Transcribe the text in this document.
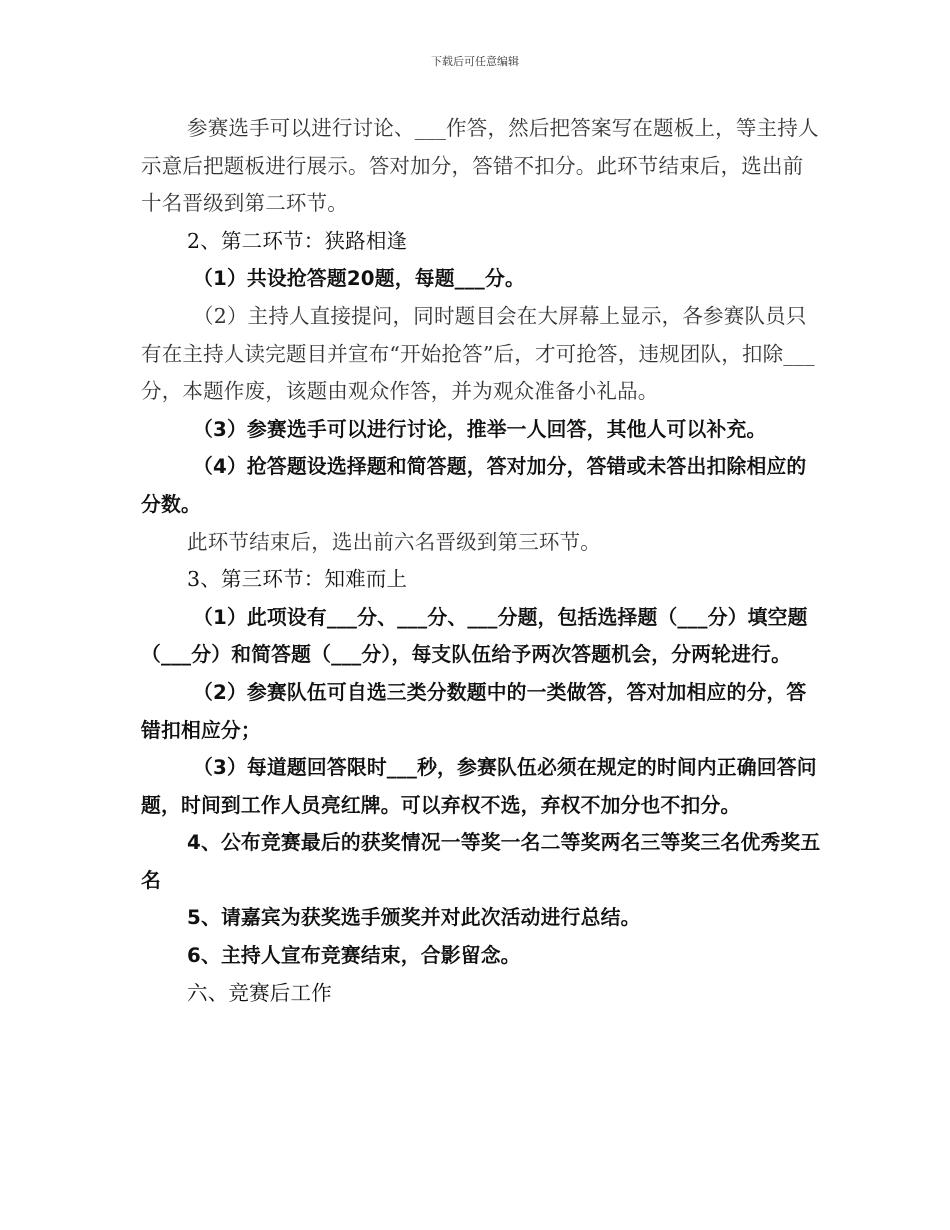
下载后可任意编辑

参赛选手可以进行讨论、___作答，然后把答案写在题板上，等主持人示意后把题板进行展示。答对加分，答错不扣分。此环节结束后，选出前十名晋级到第二环节。

2、第二环节：狭路相逢

（1）共设抢答题20题，每题___分。

（2）主持人直接提问，同时题目会在大屏幕上显示，各参赛队员只有在主持人读完题目并宣布“开始抢答”后，才可抢答，违规团队，扣除___分，本题作废，该题由观众作答，并为观众准备小礼品。

（3）参赛选手可以进行讨论，推举一人回答，其他人可以补充。

（4）抢答题设选择题和简答题，答对加分，答错或未答出扣除相应的分数。

此环节结束后，选出前六名晋级到第三环节。

3、第三环节：知难而上

（1）此项设有___分、___分、___分题，包括选择题（___分）填空题（___分）和简答题（___分），每支队伍给予两次答题机会，分两轮进行。

（2）参赛队伍可自选三类分数题中的一类做答，答对加相应的分，答错扣相应分；

（3）每道题回答限时___秒，参赛队伍必须在规定的时间内正确回答问题，时间到工作人员亮红牌。可以弃权不选，弃权不加分也不扣分。

4、公布竞赛最后的获奖情况一等奖一名二等奖两名三等奖三名优秀奖五名

5、请嘉宾为获奖选手颁奖并对此次活动进行总结。

6、主持人宣布竞赛结束，合影留念。

六、竞赛后工作
